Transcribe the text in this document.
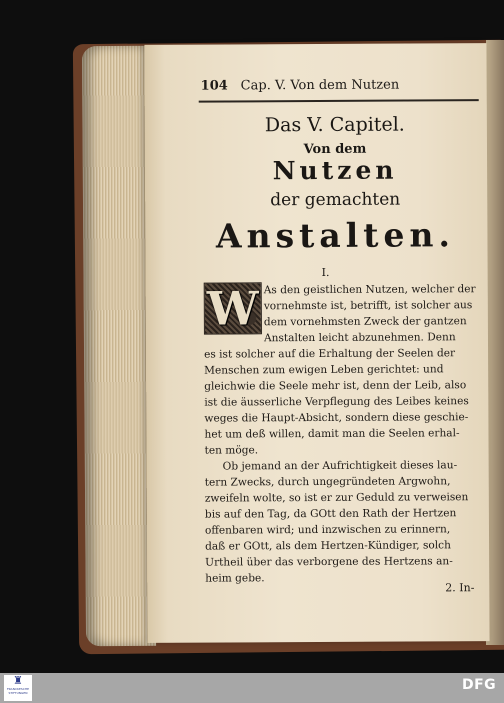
104 Cap. V. Von dem Nutzen
Das V. Capitel.
Von dem
Nutzen
der gemachten
Anstalten.
I.
As den geistlichen Nutzen, welcher der
vornehmste ist, betrifft, ist solcher aus
dem vornehmsten Zweck der gantzen
Anstalten leicht abzunehmen. Denn
es ist solcher auf die Erhaltung der Seelen der
Menschen zum ewigen Leben gerichtet: und
gleichwie die Seele mehr ist, denn der Leib, also
ist die äusserliche Verpflegung des Leibes keines
weges die Haupt-Absicht, sondern diese geschie-
het um deß willen, damit man die Seelen erhal-
ten möge.
Ob jemand an der Aufrichtigkeit dieses lau-
tern Zwecks, durch ungegründeten Argwohn,
zweifeln wolte, so ist er zur Geduld zu verweisen
bis auf den Tag, da GOtt den Rath der Hertzen
offenbaren wird; und inzwischen zu erinnern,
daß er GOtt, als dem Hertzen-Kündiger, solch
Urtheil über das verborgene des Hertzens an-
heim gebe.
W
2. In-
♜
FRANCKESCHE STIFTUNGEN	DFG
